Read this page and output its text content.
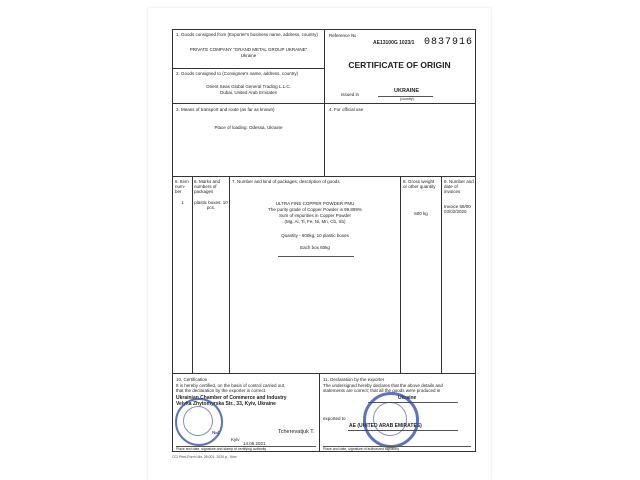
1. Goods consigned from (Exporter's business name, address, country)
PRIVATE COMPANY "GRAND METAL GROUP UKRAINE"
Ukraine
Reference №
AE13100G 1023/1 0837916
CERTIFICATE OF ORIGIN
Issued in
UKRAINE
(country)
2. Goods consigned to (Consignee's name, address, country)
Orient Seas Global General Trading L.L.C.
Dubai, United Arab Emirates
3. Means of transport and route (as far as known)
Place of loading: Odessa, Ukraine
4. For official use
5. Item num-ber
6. Marks and numbers of packages
7. Number and kind of packages; description of goods	8. Gross weight or other quantity
9. Number and date of invoices
1	plastic boxes: 10 pcs.
ULTRA FINE COPPER POWDER PMU
The purity grade of Copper Powder is 99.899%
Sum of impurities in Copper Powder
(Mg, Al, Ti, Fe, Ni, Mn, Cb, Sb)
Quantity - 600kg, 10 plastic boxes
Each box 60kg
600 kg
Invoice 58/00 03/02/2020
10. Certification
It is hereby certified, on the basis of control carried out,
that the declaration by the exporter is correct.
Ukrainian Chamber of Commerce and Industry
Velyka Zhytomyrska Str., 33, Kyiv, Ukraine
№4
Kyiv
14.06.2021
Tcherevatjuk T.
Place and date, signature and stamp of certifying authority
11. Declaration by the exporter
The undersigned hereby declares that the above details and
statements are correct; that all the goods were produced in
Ukraine
exported to
AE (UNITED ARAB EMIRATES)
Place and date, signature of authorized signatory
CCI Print-Form Ukr. 28.001. 2020 p., Kiev
